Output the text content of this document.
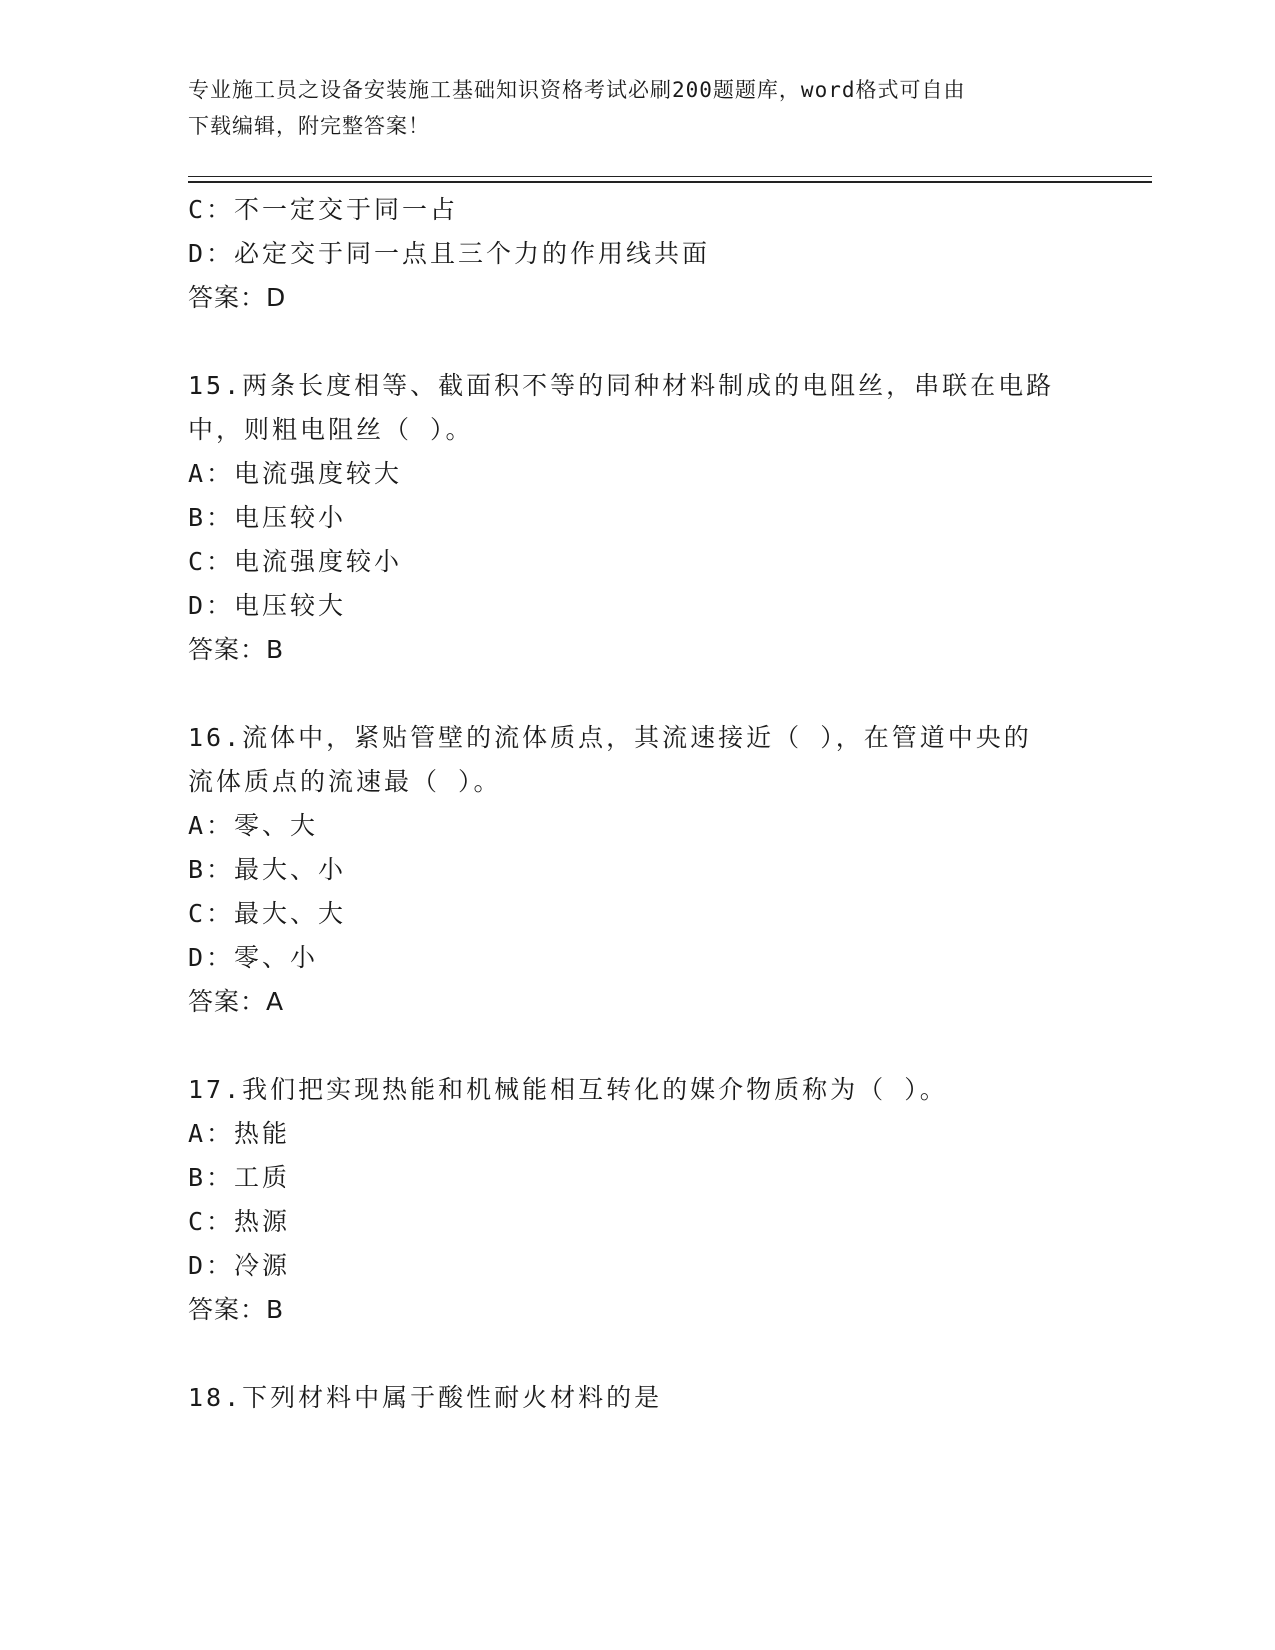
专业施工员之设备安装施工基础知识资格考试必刷200题题库，word格式可自由
下载编辑，附完整答案！
C：不一定交于同一占
D：必定交于同一点且三个力的作用线共面
答案：D
15.两条长度相等、截面积不等的同种材料制成的电阻丝，串联在电路
中，则粗电阻丝（ ）。
A：电流强度较大
B：电压较小
C：电流强度较小
D：电压较大
答案：B
16.流体中，紧贴管壁的流体质点，其流速接近（ ），在管道中央的
流体质点的流速最（ ）。
A：零、大
B：最大、小
C：最大、大
D：零、小
答案：A
17.我们把实现热能和机械能相互转化的媒介物质称为（ ）。
A：热能
B：工质
C：热源
D：冷源
答案：B
18.下列材料中属于酸性耐火材料的是
